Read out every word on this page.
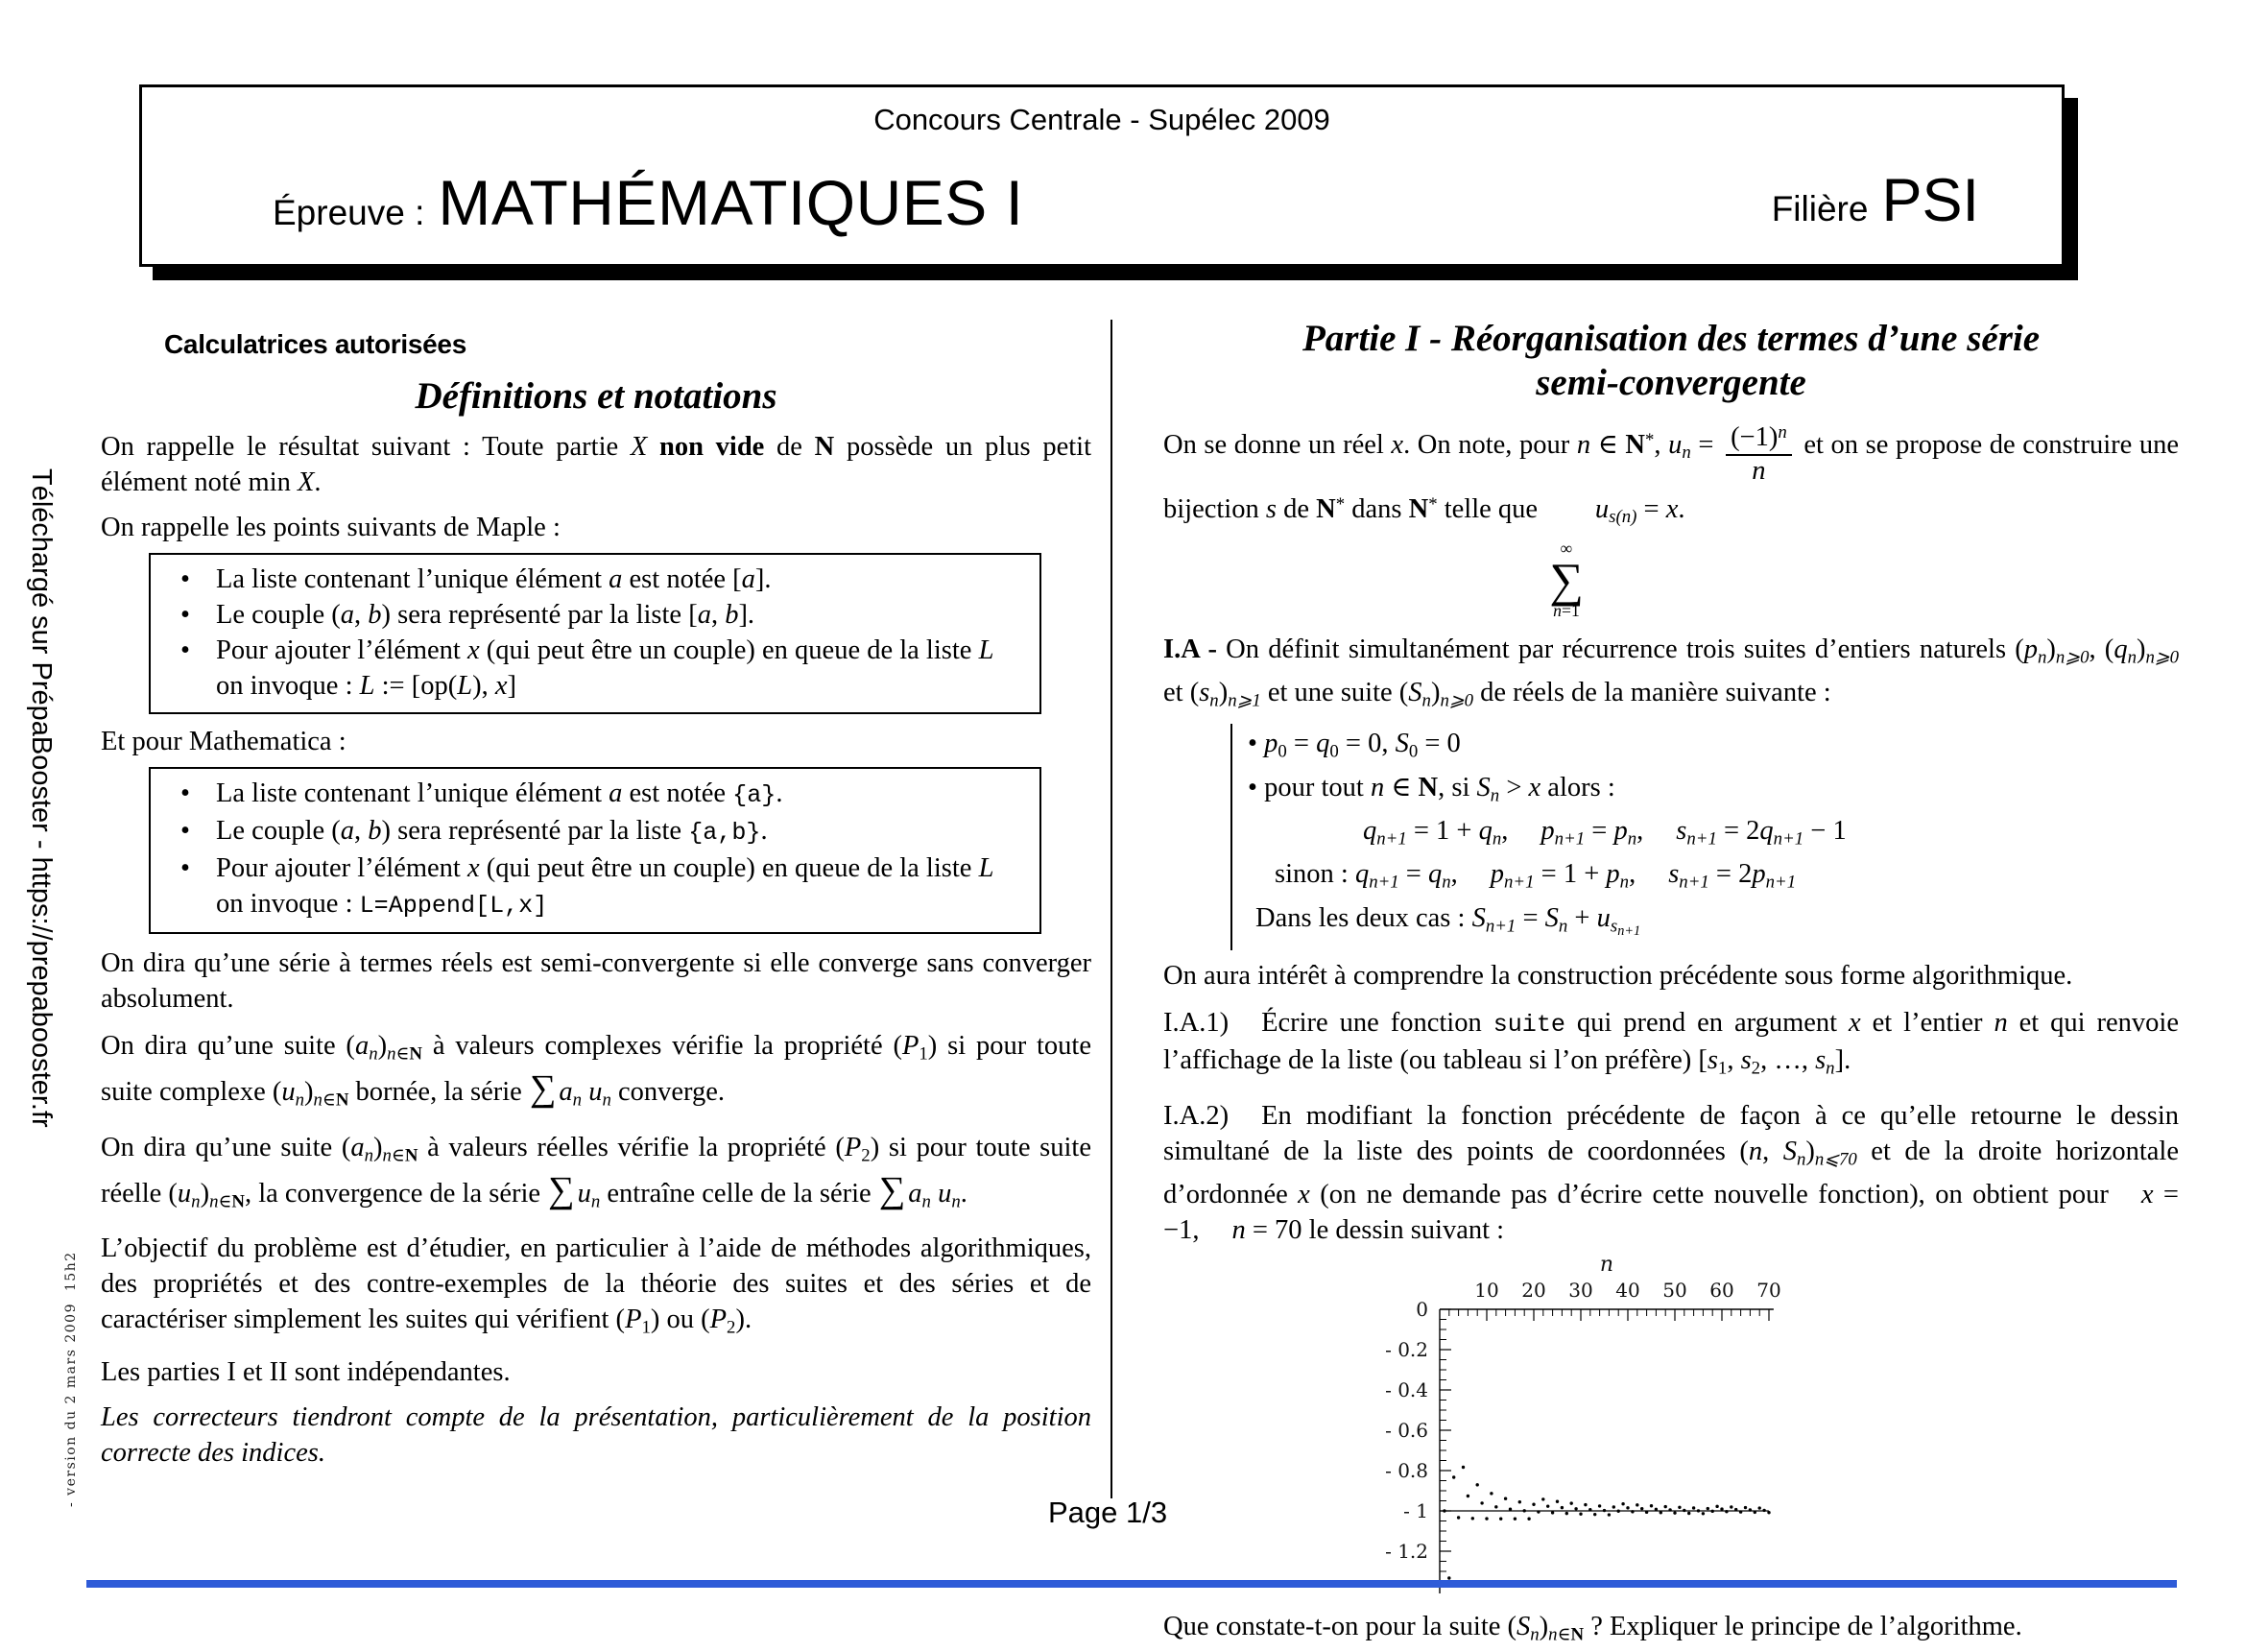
Concours Centrale - Supélec 2009
Épreuve : MATHÉMATIQUES I	Filière PSI
Téléchargé sur PrépaBooster - https://prepabooster.fr
- version du 2 mars 2009  15h2
Calculatrices autorisées
Définitions et notations

On rappelle le résultat suivant : Toute partie X non vide de N possède un plus petit élément noté min X.

On rappelle les points suivants de Maple :

• La liste contenant l’unique élément a est notée [a].
• Le couple (a, b) sera représenté par la liste [a, b].
• Pour ajouter l’élément x (qui peut être un couple) en queue de la liste L on invoque : L := [op(L), x]

Et pour Mathematica :

• La liste contenant l’unique élément a est notée {a}.
• Le couple (a, b) sera représenté par la liste {a,b}.
• Pour ajouter l’élément x (qui peut être un couple) en queue de la liste L on invoque : L=Append[L,x]

On dira qu’une série à termes réels est semi-convergente si elle converge sans converger absolument.

On dira qu’une suite (an)n∈N à valeurs complexes vérifie la propriété (P1) si pour toute suite complexe (un)n∈N bornée, la série ∑ an un converge.

On dira qu’une suite (an)n∈N à valeurs réelles vérifie la propriété (P2) si pour toute suite réelle (un)n∈N, la convergence de la série ∑ un entraîne celle de la série ∑ an un.

L’objectif du problème est d’étudier, en particulier à l’aide de méthodes algorithmiques, des propriétés et des contre-exemples de la théorie des suites et des séries et de caractériser simplement les suites qui vérifient (P1) ou (P2).

Les parties I et II sont indépendantes.

Les correcteurs tiendront compte de la présentation, particulièrement de la position correcte des indices.

Partie I - Réorganisation des termes d’une série
semi-convergente

On se donne un réel x. On note, pour n ∈ N*, un = $\frac{(-1)^n}{n}$ et on se propose de construire une bijection s de N* dans N* telle que
∞
∑
n=1
us(n) = x.

I.A - On définit simultanément par récurrence trois suites d’entiers naturels (pn)n⩾0, (qn)n⩾0 et (sn)n⩾1 et une suite (Sn)n⩾0 de réels de la manière suivante :

• p0 = q0 = 0, S0 = 0
• pour tout n ∈ N, si Sn > x alors :
qn+1 = 1 + qn, pn+1 = pn, sn+1 = 2qn+1 − 1
sinon : qn+1 = qn, pn+1 = 1 + pn, sn+1 = 2pn+1
Dans les deux cas : $Sn+1 = Sn + us_{n+1}$

On aura intérêt à comprendre la construction précédente sous forme algorithmique.

I.A.1) Écrire une fonction suite qui prend en argument x et l’entier n et qui renvoie l’affichage de la liste (ou tableau si l’on préfère) [s1, s2, …, sn].

I.A.2) En modifiant la fonction précédente de façon à ce qu’elle retourne le dessin simultané de la liste des points de coordonnées (n, Sn)n⩽70 et de la droite horizontale d’ordonnée x (on ne demande pas d’écrire cette nouvelle fonction), on obtient pour x = −1, n = 70 le dessin suivant :

n
10 20 30 40 50 60 70
0
- 0.2
- 0.4
- 0.6
- 0.8
- 1
- 1.2

Que constate-t-on pour la suite (Sn)n∈N ? Expliquer le principe de l’algorithme.

Page 1/3
